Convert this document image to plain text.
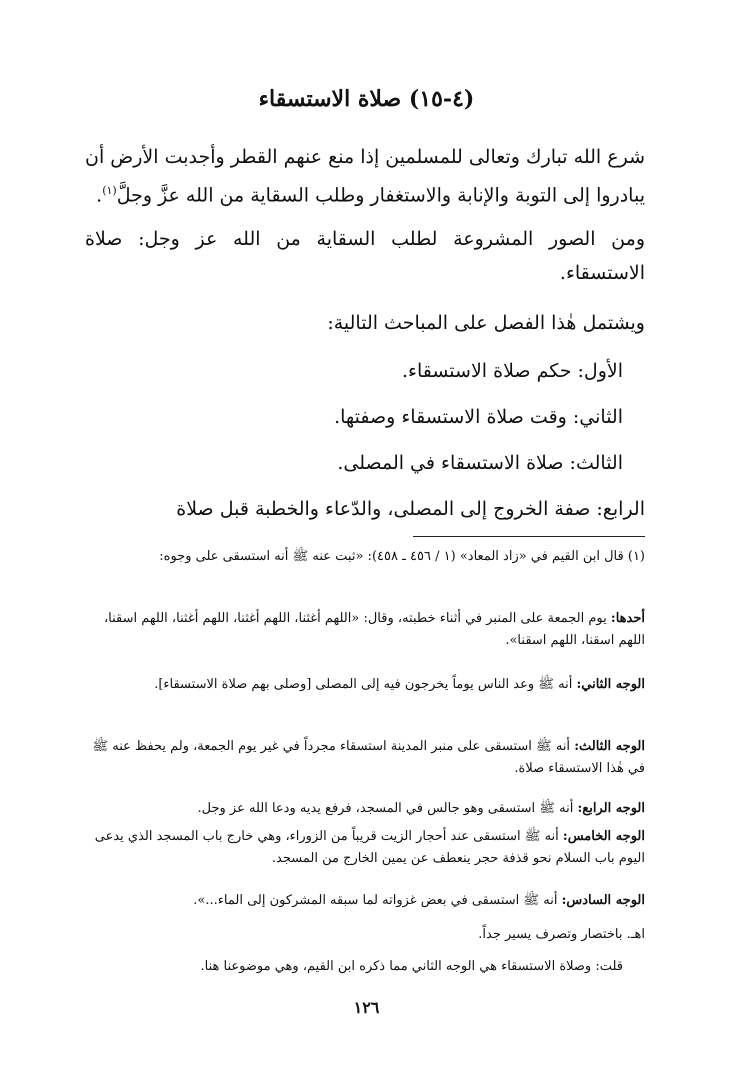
(٤-١٥) صلاة الاستسقاء

شرع الله تبارك وتعالى للمسلمين إذا منع عنهم القطر وأجدبت الأرض أن يبادروا إلى التوبة والإنابة والاستغفار وطلب السقاية من الله عزَّ وجلَّ$^{(١)}$.

ومن الصور المشروعة لطلب السقاية من الله عز وجل: صلاة الاستسقاء.

ويشتمل هٰذا الفصل على المباحث التالية:

الأول: حكم صلاة الاستسقاء.
الثاني: وقت صلاة الاستسقاء وصفتها.
الثالث: صلاة الاستسقاء في المصلى.
الرابع: صفة الخروج إلى المصلى، والدّعاء والخطبة قبل صلاة
(١) قال ابن القيم في «زاد المعاد» (١ / ٤٥٦ ـ ٤٥٨): «ثبت عنه ﷺ أنه استسقى على وجوه:
أحدها: يوم الجمعة على المنبر في أثناء خطبته، وقال: «اللهم أغثنا، اللهم أغثنا، اللهم أغثنا، اللهم اسقنا، اللهم اسقنا، اللهم اسقنا».
الوجه الثاني: أنه ﷺ وعد الناس يوماً يخرجون فيه إلى المصلى [وصلى بهم صلاة الاستسقاء].
الوجه الثالث: أنه ﷺ استسقى على منبر المدينة استسقاء مجرداً في غير يوم الجمعة، ولم يحفظ عنه ﷺ في هٰذا الاستسقاء صلاة.
الوجه الرابع: أنه ﷺ استسقى وهو جالس في المسجد، فرفع يديه ودعا الله عز وجل.
الوجه الخامس: أنه ﷺ استسقى عند أحجار الزيت قريباً من الزوراء، وهي خارج باب المسجد الذي يدعى اليوم باب السلام نحو قذفة حجر ينعطف عن يمين الخارج من المسجد.
الوجه السادس: أنه ﷺ استسقى في بعض غزواته لما سبقه المشركون إلى الماء...».
اهـ. باختصار وتصرف يسير جداً.
قلت: وصلاة الاستسقاء هي الوجه الثاني مما ذكره ابن القيم، وهي موضوعنا هنا.
١٢٦
